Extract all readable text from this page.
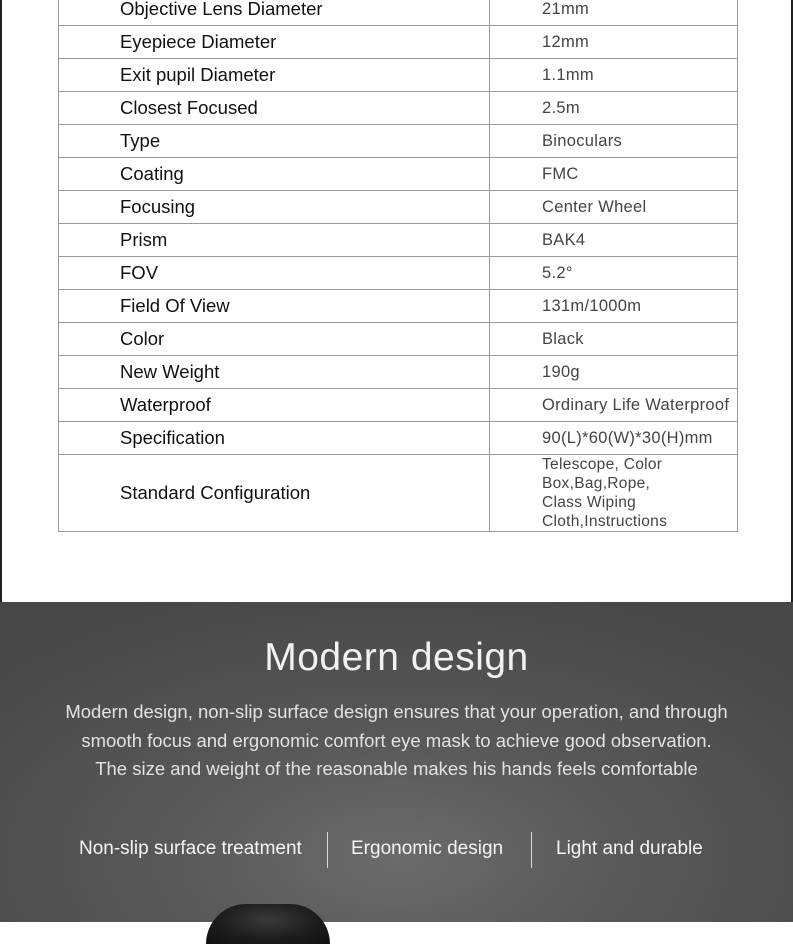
Objective Lens Diameter	21mm
Eyepiece Diameter	12mm
Exit pupil Diameter	1.1mm
Closest Focused	2.5m
Type	Binoculars
Coating	FMC
Focusing	Center Wheel
Prism	BAK4
FOV	5.2°
Field Of View	131m/1000m
Color	Black
New Weight	190g
Waterproof	Ordinary Life Waterproof
Specification	90(L)*60(W)*30(H)mm
Standard Configuration	Telescope, Color Box,Bag,Rope,
Class Wiping Cloth,Instructions
Modern design
Modern design, non-slip surface design ensures that your operation, and through
smooth focus and ergonomic comfort eye mask to achieve good observation.
The size and weight of the reasonable makes his hands feels comfortable
Non-slip surface treatment	Ergonomic design	Light and durable
